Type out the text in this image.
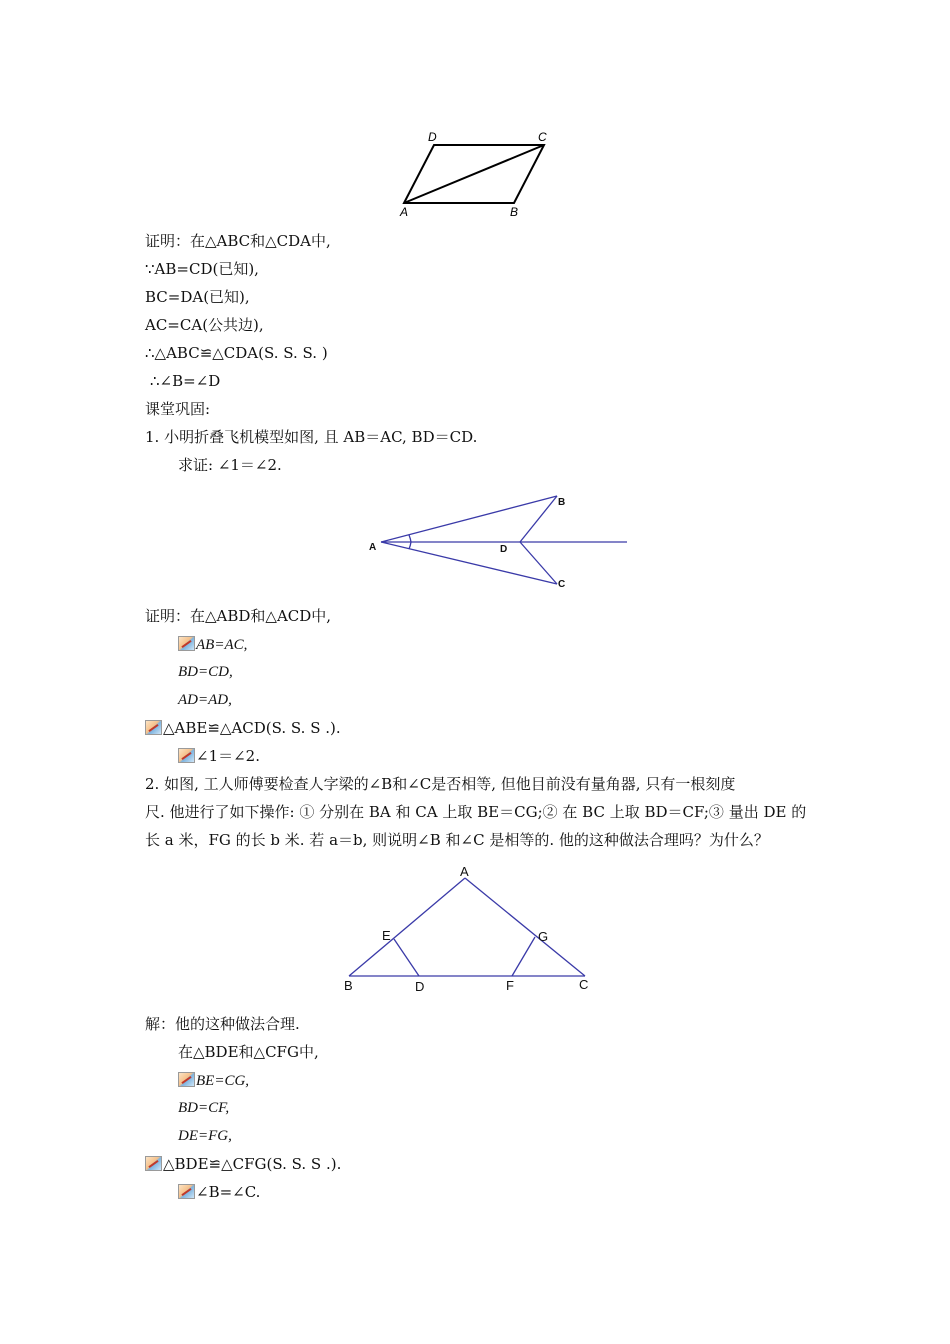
A	B
C
D
证明：在△ABC和△CDA中,
∵AB=CD(已知),
BC=DA(已知),
AC=CA(公共边),
∴△ABC≌△CDA(S. S. S. )
∴∠B=∠D
课堂巩固:
1. 小明折叠飞机模型如图, 且 AB＝AC, BD＝CD.
求证: ∠1＝∠2.
A
B
C
D
证明：在△ABD和△ACD中,
AB=AC,
BD=CD,
AD=AD,
△ABE≌△ACD(S. S. S .).
∠1＝∠2.
2. 如图, 工人师傅要检查人字梁的∠B和∠C是否相等, 但他目前没有量角器, 只有一根刻度
尺. 他进行了如下操作: ① 分别在 BA 和 CA 上取 BE＝CG;② 在 BC 上取 BD＝CF;③ 量出 DE 的
长 a 米，FG 的长 b 米. 若 a＝b, 则说明∠B 和∠C 是相等的. 他的这种做法合理吗？为什么？
A
B	C
D
E
F
G
解：他的这种做法合理.
在△BDE和△CFG中,
BE=CG,
BD=CF,
DE=FG,
△BDE≌△CFG(S. S. S .).
∠B=∠C.
